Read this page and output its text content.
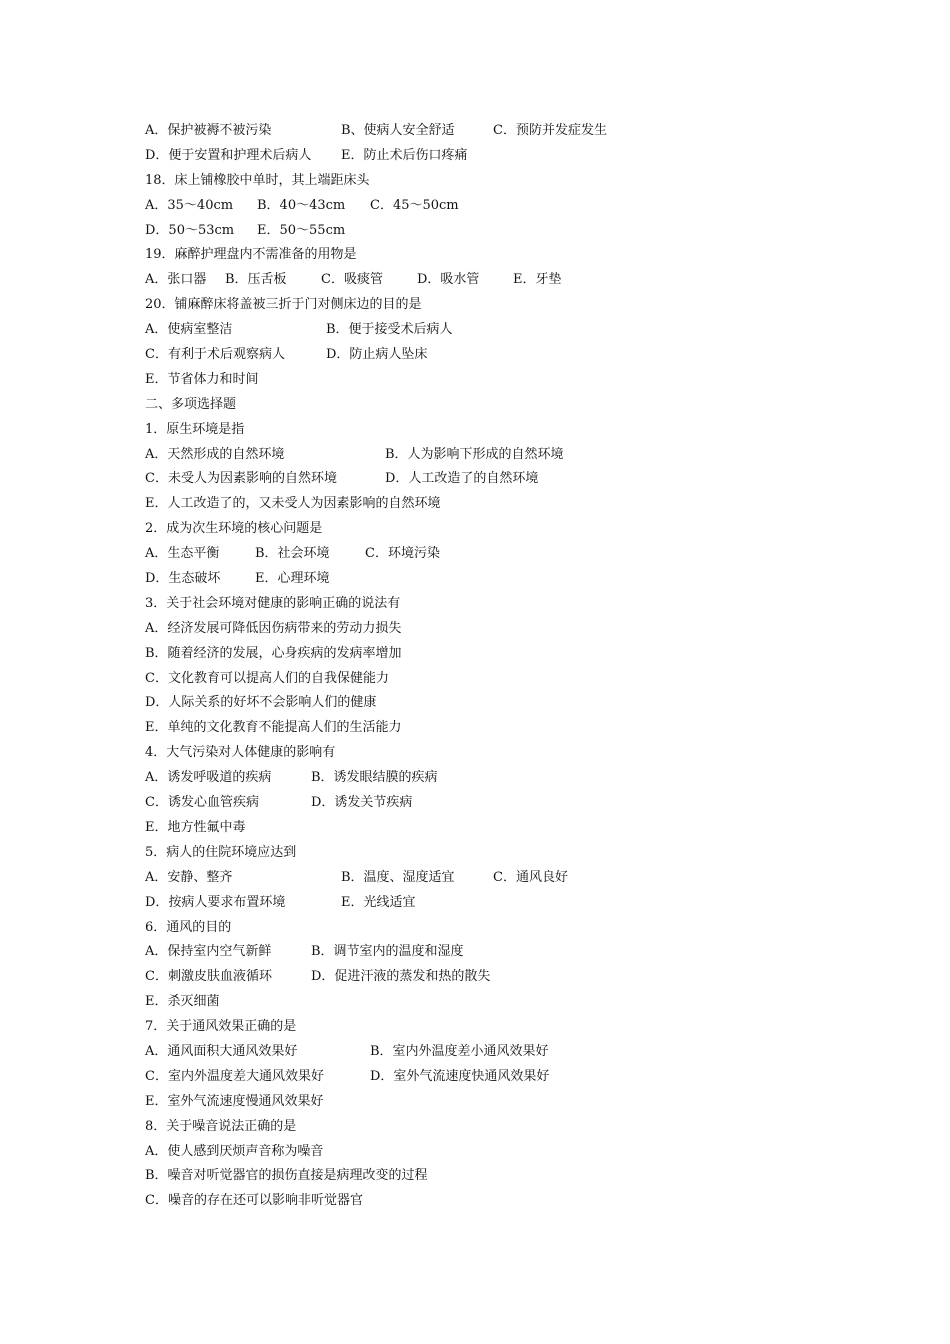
A．保护被褥不被污染	B、使病人安全舒适	C．预防并发症发生
D．便于安置和护理术后病人 E．防止术后伤口疼痛
18．床上铺橡胶中单时，其上端距床头
A．35～40cm B．40～43cm C．45～50cm
D．50～53cm E．50～55cm
19．麻醉护理盘内不需准备的用物是
A．张口器 B．压舌板	C．吸痰管	D．吸水管	E．牙垫
20．铺麻醉床将盖被三折于门对侧床边的目的是
A．使病室整洁	B．便于接受术后病人
C．有利于术后观察病人	D．防止病人坠床
E．节省体力和时间
二、多项选择题
1．原生环境是指
A．天然形成的自然环境	B．人为影响下形成的自然环境
C．未受人为因素影响的自然环境	D．人工改造了的自然环境
E．人工改造了的，又未受人为因素影响的自然环境
2．成为次生环境的核心问题是
A．生态平衡	B．社会环境	C．环境污染
D．生态破坏	E．心理环境
3．关于社会环境对健康的影响正确的说法有
A．经济发展可降低因伤病带来的劳动力损失
B．随着经济的发展，心身疾病的发病率增加
C．文化教育可以提高人们的自我保健能力
D．人际关系的好坏不会影响人们的健康
E．单纯的文化教育不能提高人们的生活能力
4．大气污染对人体健康的影响有
A．诱发呼吸道的疾病	B．诱发眼结膜的疾病
C．诱发心血管疾病	D．诱发关节疾病
E．地方性氟中毒
5．病人的住院环境应达到
A．安静、整齐	B．温度、湿度适宜	C．通风良好
D．按病人要求布置环境	E．光线适宜
6．通风的目的
A．保持室内空气新鲜	B．调节室内的温度和湿度
C．刺激皮肤血液循环	D．促进汗液的蒸发和热的散失
E．杀灭细菌
7．关于通风效果正确的是
A．通风面积大通风效果好	B．室内外温度差小通风效果好
C．室内外温度差大通风效果好	D．室外气流速度快通风效果好
E．室外气流速度慢通风效果好
8．关于噪音说法正确的是
A．使人感到厌烦声音称为噪音
B．噪音对听觉器官的损伤直接是病理改变的过程
C．噪音的存在还可以影响非听觉器官
